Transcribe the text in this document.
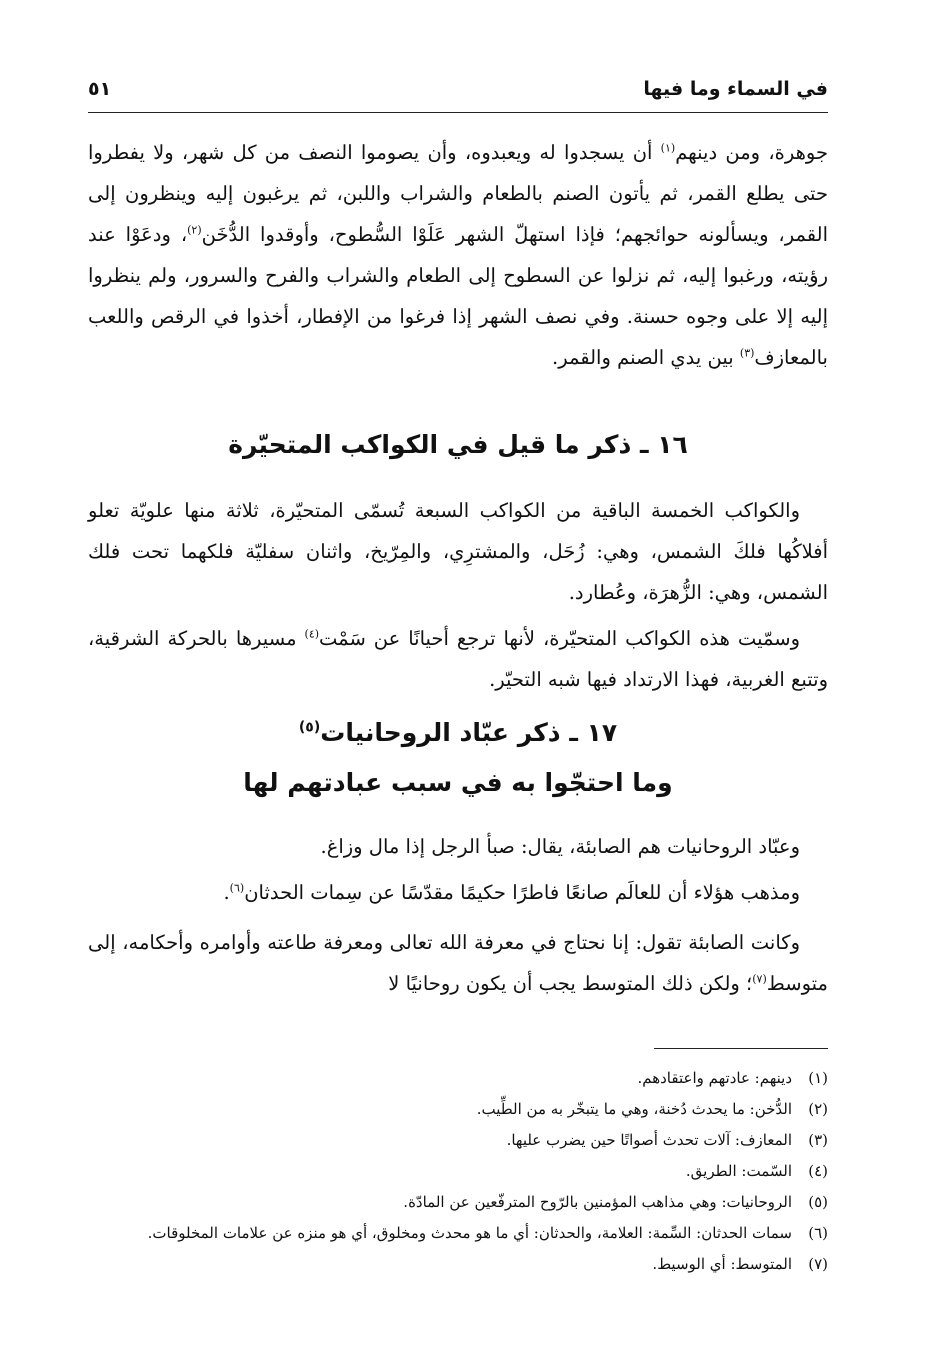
في السماء وما فيها
٥١

جوهرة، ومن دينهم$^{(١)}$ أن يسجدوا له ويعبدوه، وأن يصوموا النصف من كل شهر، ولا يفطروا حتى يطلع القمر، ثم يأتون الصنم بالطعام والشراب واللبن، ثم يرغبون إليه وينظرون إلى القمر، ويسألونه حوائجهم؛ فإذا استهلّ الشهر عَلَوْا السُّطوح، وأوقدوا الدُّخَن$^{(٢)}$، ودعَوْا عند رؤيته، ورغبوا إليه، ثم نزلوا عن السطوح إلى الطعام والشراب والفرح والسرور، ولم ينظروا إليه إلا على وجوه حسنة. وفي نصف الشهر إذا فرغوا من الإفطار، أخذوا في الرقص واللعب بالمعازف$^{(٣)}$ بين يدي الصنم والقمر.

١٦ ـ ذكر ما قيل في الكواكب المتحيّرة

والكواكب الخمسة الباقية من الكواكب السبعة تُسمّى المتحيّرة، ثلاثة منها علويّة تعلو أفلاكُها فلكَ الشمس، وهي: زُحَل، والمشترِي، والمِرّيخ، واثنان سفليّة فلكهما تحت فلك الشمس، وهي: الزُّهرَة، وعُطارد.

وسمّيت هذه الكواكب المتحيّرة، لأنها ترجع أحيانًا عن سَمْت$^{(٤)}$ مسيرها بالحركة الشرقية، وتتبع الغربية، فهذا الارتداد فيها شبه التحيّر.

١٧ ـ ذكر عبّاد الروحانيات$^{(٥)}$
وما احتجّوا به في سبب عبادتهم لها

وعبّاد الروحانيات هم الصابئة، يقال: صبأ الرجل إذا مال وزاغ.

ومذهب هؤلاء أن للعالَم صانعًا فاطرًا حكيمًا مقدّسًا عن سِمات الحدثان$^{(٦)}$.

وكانت الصابئة تقول: إنا نحتاج في معرفة الله تعالى ومعرفة طاعته وأوامره وأحكامه، إلى متوسط$^{(٧)}$؛ ولكن ذلك المتوسط يجب أن يكون روحانيًا لا

(١)
دينهم: عادتهم واعتقادهم.
(٢)
الدُّخن: ما يحدث دُخنة، وهي ما يتبخّر به من الطِّيب.
(٣)
المعازف: آلات تحدث أصواتًا حين يضرب عليها.
(٤)
السّمت: الطريق.
(٥)
الروحانيات: وهي مذاهب المؤمنين بالرّوح المترفّعين عن المادّة.
(٦)
سمات الحدثان: السِّمة: العلامة، والحدثان: أي ما هو محدث ومخلوق، أي هو منزه عن علامات المخلوقات.
(٧)
المتوسط: أي الوسيط.
